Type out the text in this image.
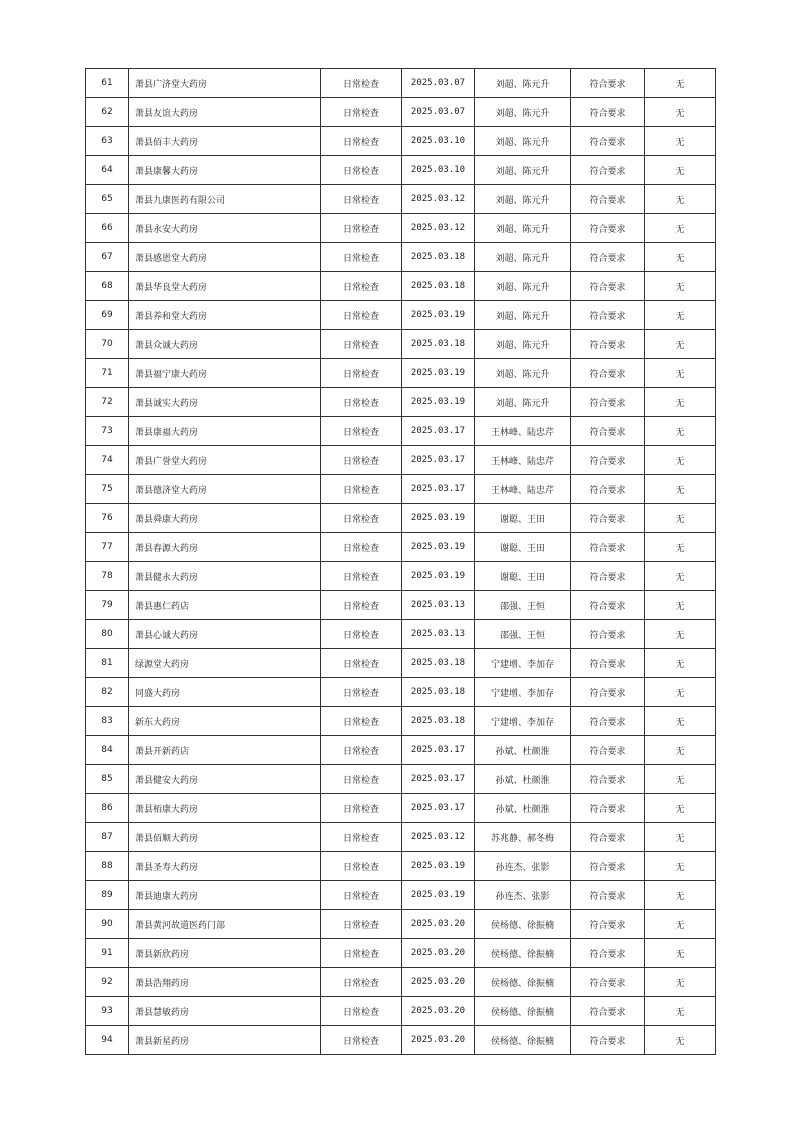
61	萧县广济堂大药房	日常检查	2025.03.07	刘超、陈元升	符合要求	无
62	萧县友谊大药房	日常检查	2025.03.07	刘超、陈元升	符合要求	无
63	萧县佰丰大药房	日常检查	2025.03.10	刘超、陈元升	符合要求	无
64	萧县康馨大药房	日常检查	2025.03.10	刘超、陈元升	符合要求	无
65	萧县九康医药有限公司	日常检查	2025.03.12	刘超、陈元升	符合要求	无
66	萧县永安大药房	日常检查	2025.03.12	刘超、陈元升	符合要求	无
67	萧县感恩堂大药房	日常检查	2025.03.18	刘超、陈元升	符合要求	无
68	萧县华良堂大药房	日常检查	2025.03.18	刘超、陈元升	符合要求	无
69	萧县养和堂大药房	日常检查	2025.03.19	刘超、陈元升	符合要求	无
70	萧县众诚大药房	日常检查	2025.03.18	刘超、陈元升	符合要求	无
71	萧县福宁康大药房	日常检查	2025.03.19	刘超、陈元升	符合要求	无
72	萧县诚实大药房	日常检查	2025.03.19	刘超、陈元升	符合要求	无
73	萧县康福大药房	日常检查	2025.03.17	王林峰、陆忠芹	符合要求	无
74	萧县广誉堂大药房	日常检查	2025.03.17	王林峰、陆忠芹	符合要求	无
75	萧县德济堂大药房	日常检查	2025.03.17	王林峰、陆忠芹	符合要求	无
76	萧县舜康大药房	日常检查	2025.03.19	谢聪、王田	符合要求	无
77	萧县春源大药房	日常检查	2025.03.19	谢聪、王田	符合要求	无
78	萧县健永大药房	日常检查	2025.03.19	谢聪、王田	符合要求	无
79	萧县惠仁药店	日常检查	2025.03.13	邵强、王恒	符合要求	无
80	萧县心诚大药房	日常检查	2025.03.13	邵强、王恒	符合要求	无
81	绿源堂大药房	日常检查	2025.03.18	宁建增、李加存	符合要求	无
82	同盛大药房	日常检查	2025.03.18	宁建增、李加存	符合要求	无
83	新东大药房	日常检查	2025.03.18	宁建增、李加存	符合要求	无
84	萧县开新药店	日常检查	2025.03.17	孙斌、杜颜淮	符合要求	无
85	萧县健安大药房	日常检查	2025.03.17	孙斌、杜颜淮	符合要求	无
86	萧县栢康大药房	日常检查	2025.03.17	孙斌、杜颜淮	符合要求	无
87	萧县佰顺大药房	日常检查	2025.03.12	苏兆静、郝冬梅	符合要求	无
88	萧县圣寿大药房	日常检查	2025.03.19	孙连杰、张影	符合要求	无
89	萧县迪康大药房	日常检查	2025.03.19	孙连杰、张影	符合要求	无
90	萧县黄河故道医药门部	日常检查	2025.03.20	侯杨德、徐振楠	符合要求	无
91	萧县新欣药房	日常检查	2025.03.20	侯杨德、徐振楠	符合要求	无
92	萧县浩翔药房	日常检查	2025.03.20	侯杨德、徐振楠	符合要求	无
93	萧县慧敏药房	日常检查	2025.03.20	侯杨德、徐振楠	符合要求	无
94	萧县新星药房	日常检查	2025.03.20	侯杨德、徐振楠	符合要求	无
